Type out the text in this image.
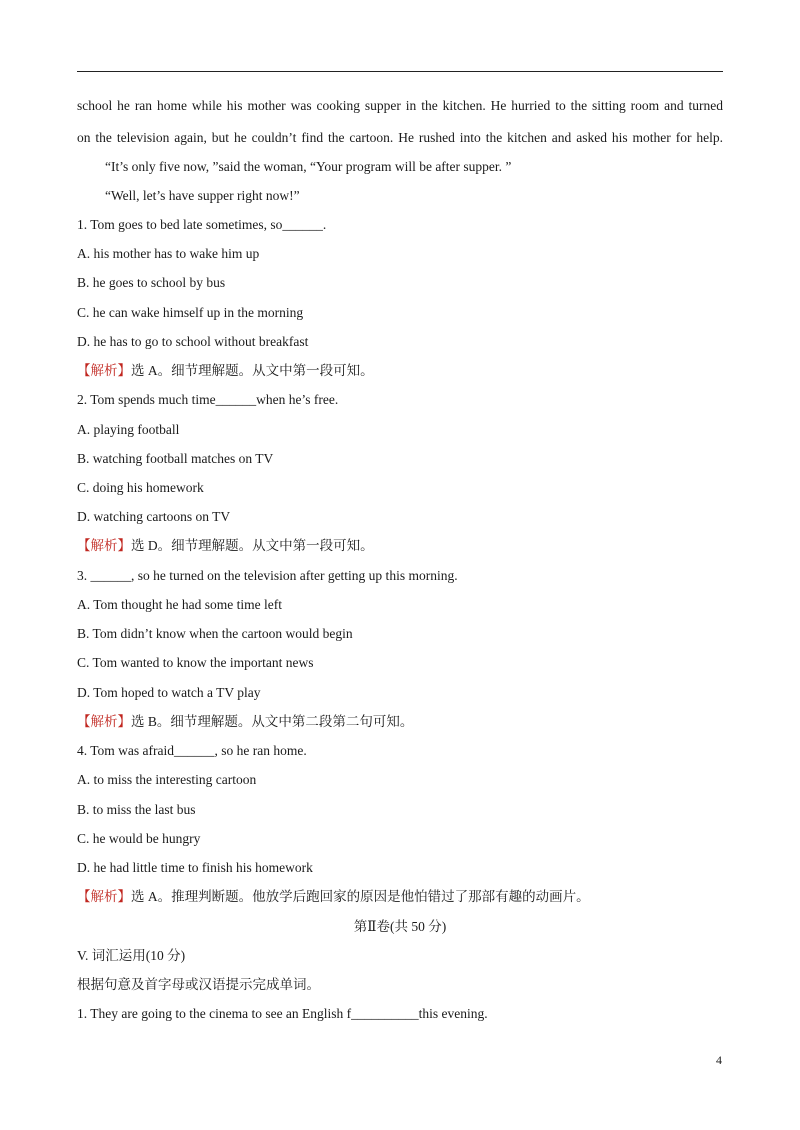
school he ran home while his mother was cooking supper in the kitchen. He hurried to the sitting room and turned
on the television again, but he couldn’t find the cartoon. He rushed into the kitchen and asked his mother for help.
“It’s only five now, ”said the woman, “Your program will be after supper. ”
“Well, let’s have supper right now!”
1. Tom goes to bed late sometimes, so______.
A. his mother has to wake him up
B. he goes to school by bus
C. he can wake himself up in the morning
D. he has to go to school without breakfast
【解析】选 A。细节理解题。从文中第一段可知。
2. Tom spends much time______when he’s free.
A. playing football
B. watching football matches on TV
C. doing his homework
D. watching cartoons on TV
【解析】选 D。细节理解题。从文中第一段可知。
3. ______, so he turned on the television after getting up this morning.
A. Tom thought he had some time left
B. Tom didn’t know when the cartoon would begin
C. Tom wanted to know the important news
D. Tom hoped to watch a TV play
【解析】选 B。细节理解题。从文中第二段第二句可知。
4. Tom was afraid______, so he ran home.
A. to miss the interesting cartoon
B. to miss the last bus
C. he would be hungry
D. he had little time to finish his homework
【解析】选 A。推理判断题。他放学后跑回家的原因是他怕错过了那部有趣的动画片。
第Ⅱ卷(共 50 分)
V. 词汇运用(10 分)
根据句意及首字母或汉语提示完成单词。
1. They are going to the cinema to see an English f__________this evening.
4
